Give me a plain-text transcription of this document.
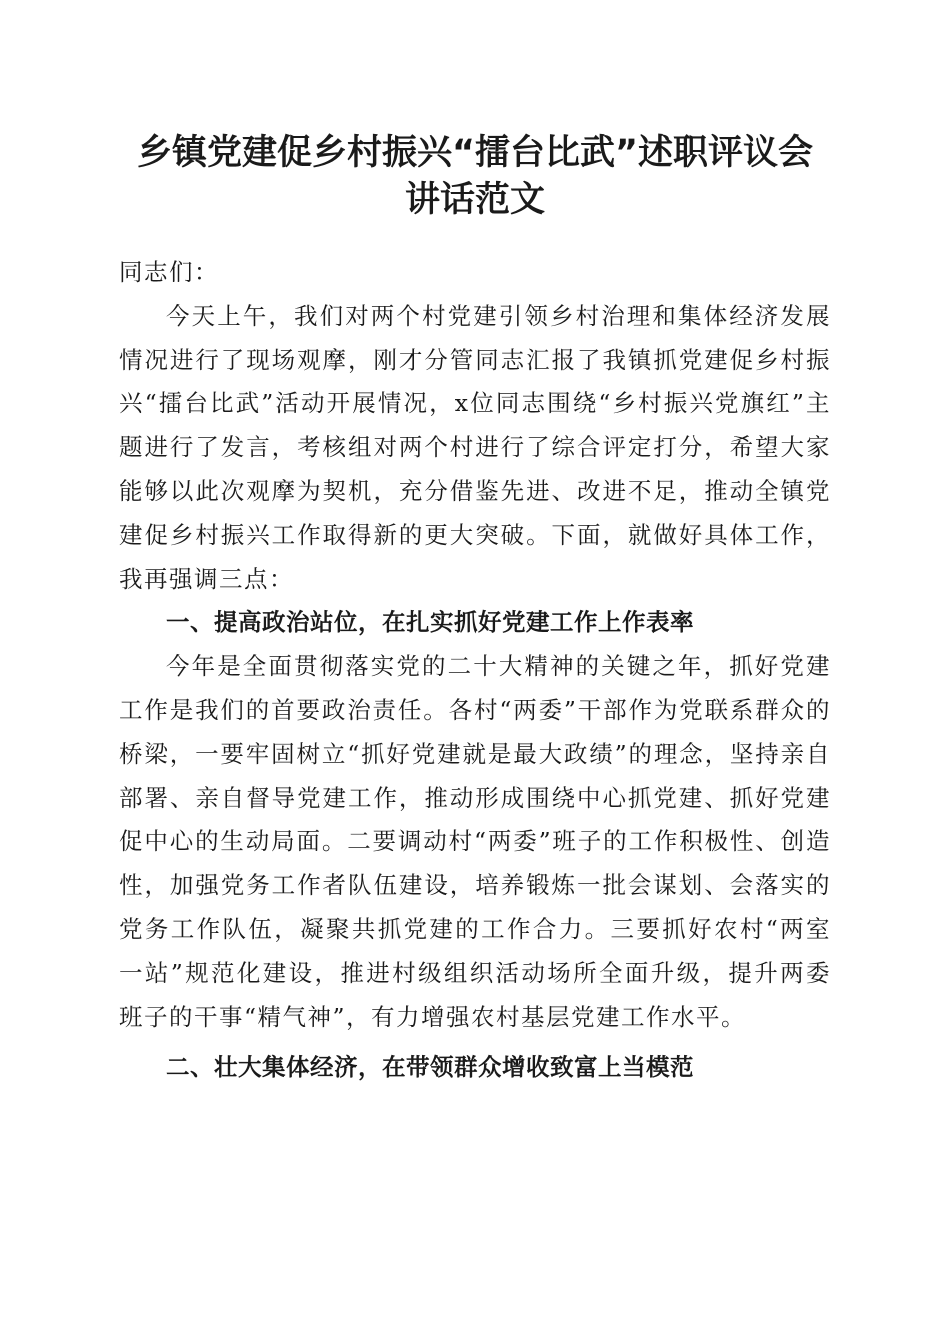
乡镇党建促乡村振兴“擂台比武”述职评议会
讲话范文

同志们：

今天上午，我们对两个村党建引领乡村治理和集体经济发展情况进行了现场观摩，刚才分管同志汇报了我镇抓党建促乡村振兴“擂台比武”活动开展情况，x位同志围绕“乡村振兴党旗红”主题进行了发言，考核组对两个村进行了综合评定打分，希望大家能够以此次观摩为契机，充分借鉴先进、改进不足，推动全镇党建促乡村振兴工作取得新的更大突破。下面，就做好具体工作，我再强调三点：

一、提高政治站位，在扎实抓好党建工作上作表率

今年是全面贯彻落实党的二十大精神的关键之年，抓好党建工作是我们的首要政治责任。各村“两委”干部作为党联系群众的桥梁，一要牢固树立“抓好党建就是最大政绩”的理念，坚持亲自部署、亲自督导党建工作，推动形成围绕中心抓党建、抓好党建促中心的生动局面。二要调动村“两委”班子的工作积极性、创造性，加强党务工作者队伍建设，培养锻炼一批会谋划、会落实的党务工作队伍，凝聚共抓党建的工作合力。三要抓好农村“两室一站”规范化建设，推进村级组织活动场所全面升级，提升两委班子的干事“精气神”，有力增强农村基层党建工作水平。

二、壮大集体经济，在带领群众增收致富上当模范
